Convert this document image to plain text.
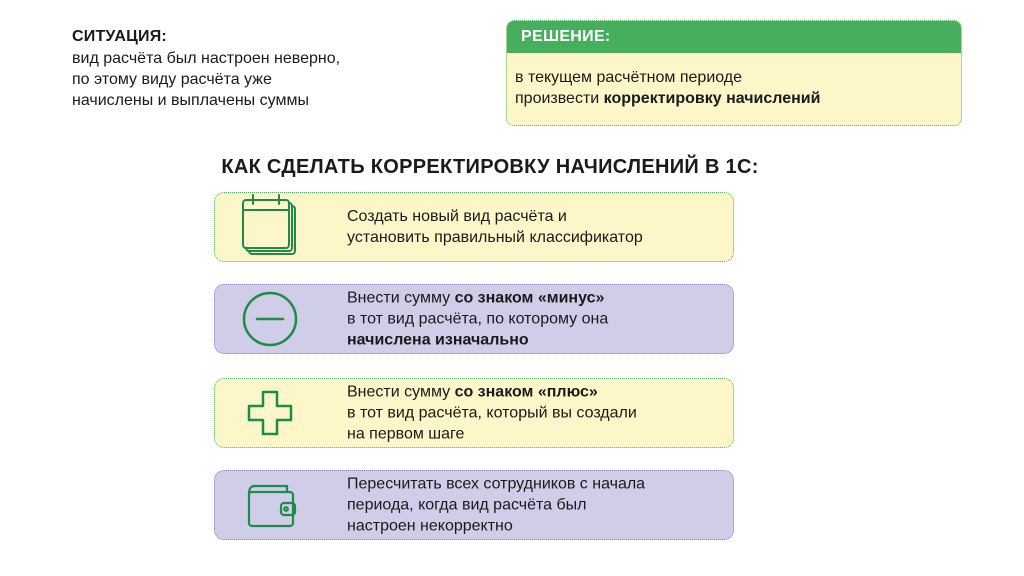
СИТУАЦИЯ:
вид расчёта был настроен неверно,
по этому виду расчёта уже
начислены и выплачены суммы
РЕШЕНИЕ:
в текущем расчётном периоде
произвести корректировку начислений
КАК СДЕЛАТЬ КОРРЕКТИРОВКУ НАЧИСЛЕНИЙ В 1С:
Создать новый вид расчёта и
установить правильный классификатор
Внести сумму со знаком «минус»
в тот вид расчёта, по которому она
начислена изначально
Внести сумму со знаком «плюс»
в тот вид расчёта, который вы создали
на первом шаге
Пересчитать всех сотрудников с начала
периода, когда вид расчёта был
настроен некорректно
